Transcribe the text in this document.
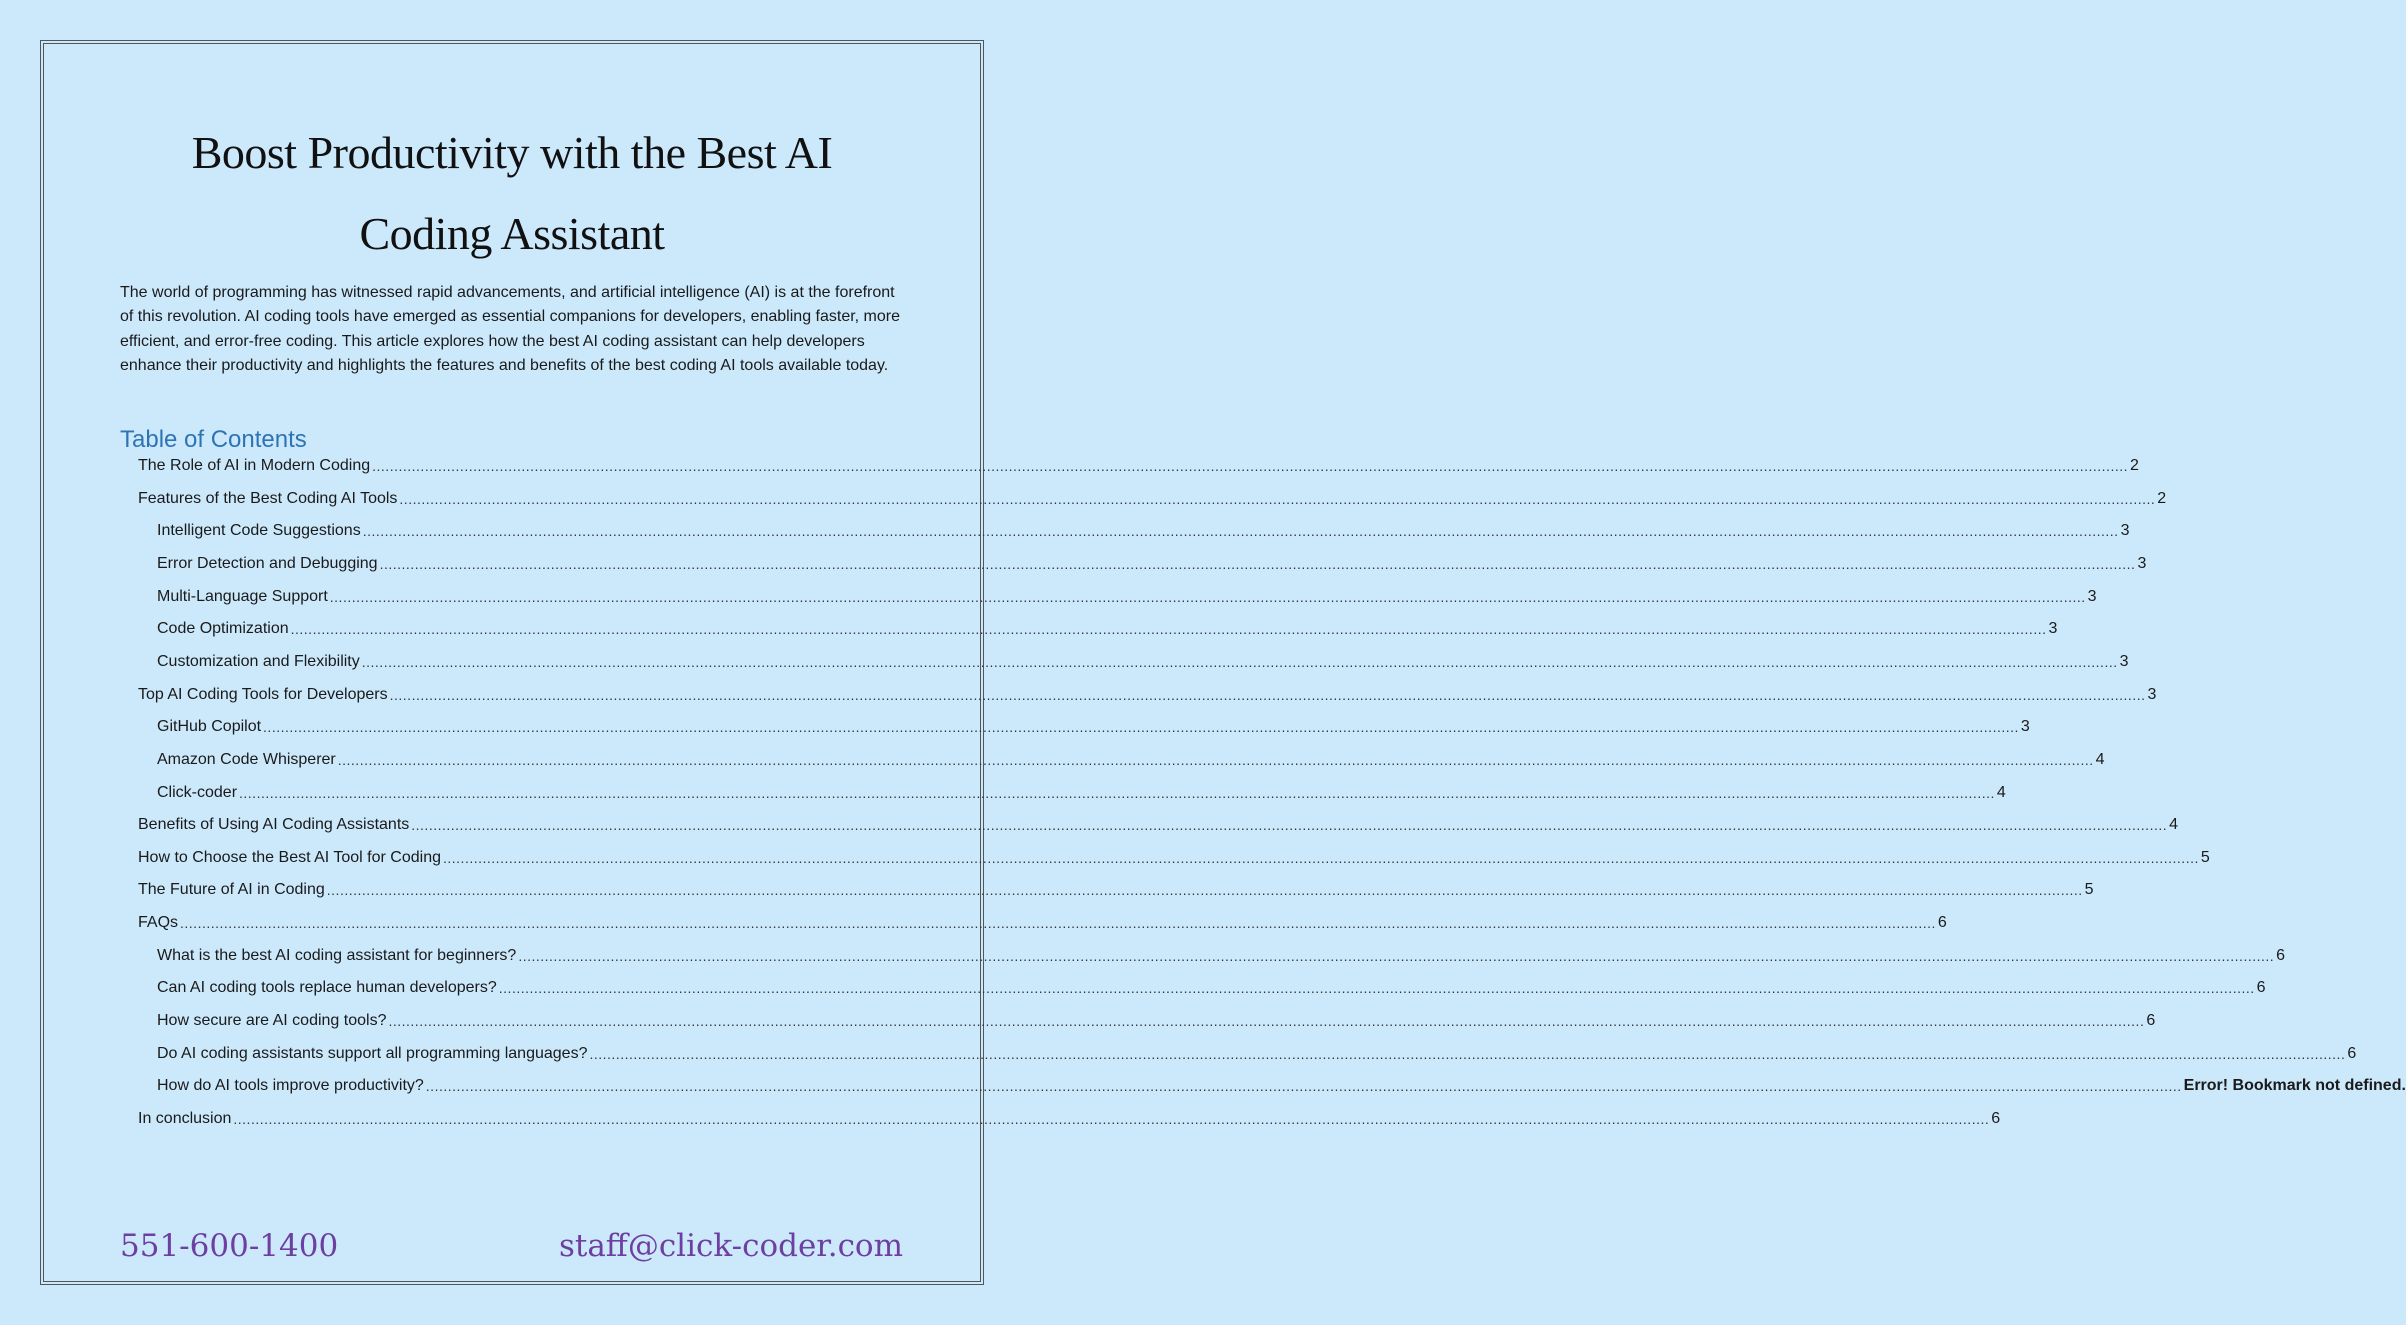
Boost Productivity with the Best AI
Coding Assistant

The world of programming has witnessed rapid advancements, and artificial intelligence (AI) is at the forefront of this revolution. AI coding tools have emerged as essential companions for developers, enabling faster, more efficient, and error-free coding. This article explores how the best AI coding assistant can help developers enhance their productivity and highlights the features and benefits of the best coding AI tools available today.

Table of Contents
The Role of AI in Modern Coding ................................................................................................................................................................................................................................................................................................................................................................................................................ 2
Features of the Best Coding AI Tools ................................................................................................................................................................................................................................................................................................................................................................................................................ 2
Intelligent Code Suggestions ................................................................................................................................................................................................................................................................................................................................................................................................................ 3
Error Detection and Debugging ................................................................................................................................................................................................................................................................................................................................................................................................................ 3
Multi-Language Support ................................................................................................................................................................................................................................................................................................................................................................................................................ 3
Code Optimization ................................................................................................................................................................................................................................................................................................................................................................................................................ 3
Customization and Flexibility ................................................................................................................................................................................................................................................................................................................................................................................................................ 3
Top AI Coding Tools for Developers ................................................................................................................................................................................................................................................................................................................................................................................................................ 3
GitHub Copilot ................................................................................................................................................................................................................................................................................................................................................................................................................ 3
Amazon Code Whisperer ................................................................................................................................................................................................................................................................................................................................................................................................................ 4
Click-coder ................................................................................................................................................................................................................................................................................................................................................................................................................ 4
Benefits of Using AI Coding Assistants ................................................................................................................................................................................................................................................................................................................................................................................................................ 4
How to Choose the Best AI Tool for Coding ................................................................................................................................................................................................................................................................................................................................................................................................................ 5
The Future of AI in Coding ................................................................................................................................................................................................................................................................................................................................................................................................................ 5
FAQs ................................................................................................................................................................................................................................................................................................................................................................................................................ 6
What is the best AI coding assistant for beginners? ................................................................................................................................................................................................................................................................................................................................................................................................................ 6
Can AI coding tools replace human developers? ................................................................................................................................................................................................................................................................................................................................................................................................................ 6
How secure are AI coding tools? ................................................................................................................................................................................................................................................................................................................................................................................................................ 6
Do AI coding assistants support all programming languages? ................................................................................................................................................................................................................................................................................................................................................................................................................ 6
How do AI tools improve productivity? ................................................................................................................................................................................................................................................................................................................................................................................................................ Error! Bookmark not defined.
In conclusion ................................................................................................................................................................................................................................................................................................................................................................................................................ 6
551-600-1400	staff@click-coder.com
